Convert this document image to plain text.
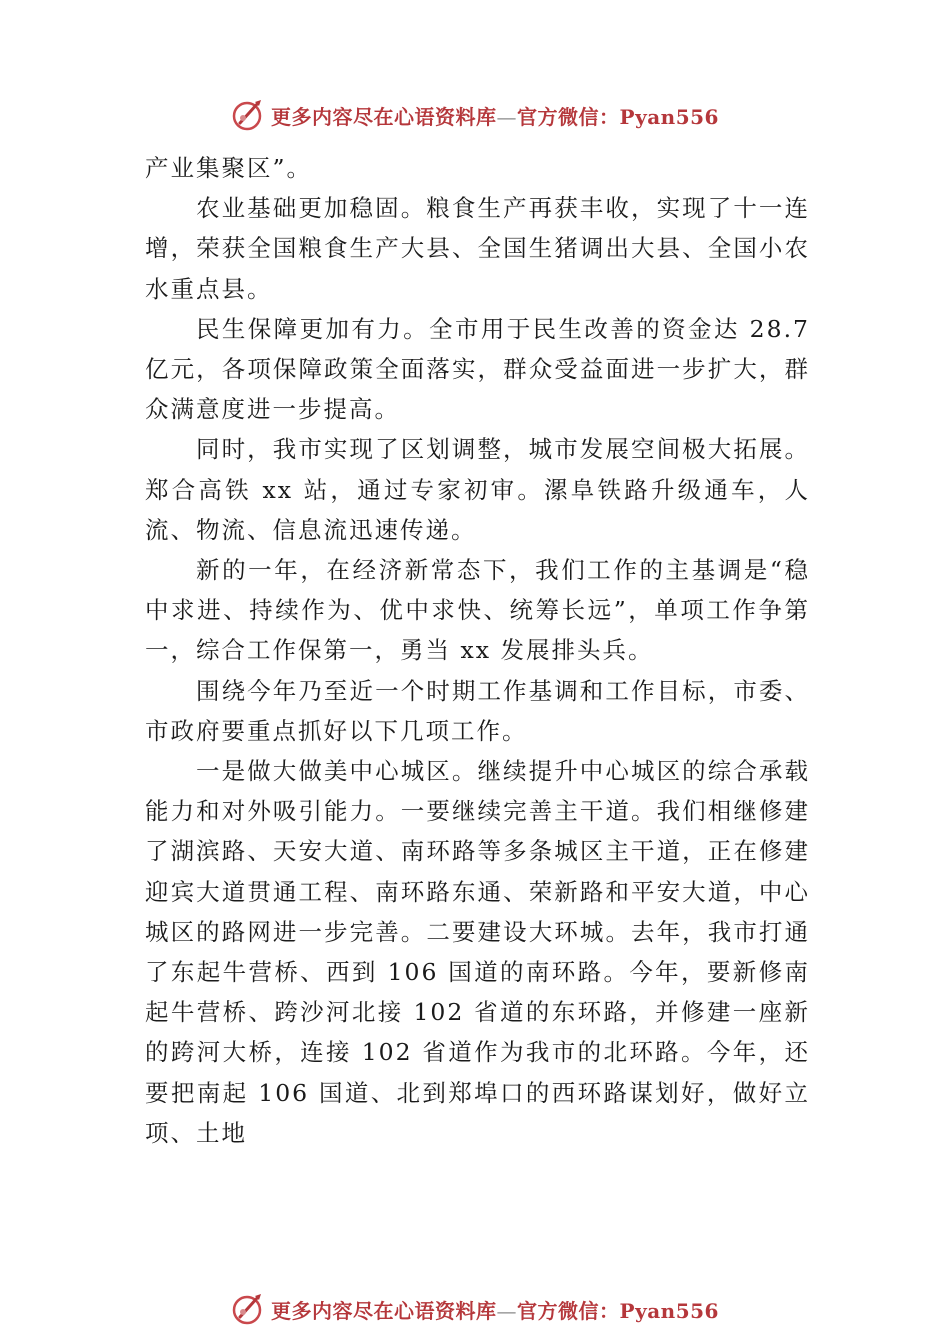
更多内容尽在心语资料库—官方微信：Pyan556

产业集聚区”。

农业基础更加稳固。粮食生产再获丰收，实现了十一连增，荣获全国粮食生产大县、全国生猪调出大县、全国小农水重点县。

民生保障更加有力。全市用于民生改善的资金达 28.7 亿元，各项保障政策全面落实，群众受益面进一步扩大，群众满意度进一步提高。

同时，我市实现了区划调整，城市发展空间极大拓展。郑合高铁 xx 站，通过专家初审。漯阜铁路升级通车，人流、物流、信息流迅速传递。

新的一年，在经济新常态下，我们工作的主基调是“稳中求进、持续作为、优中求快、统筹长远”，单项工作争第一，综合工作保第一，勇当 xx 发展排头兵。

围绕今年乃至近一个时期工作基调和工作目标，市委、市政府要重点抓好以下几项工作。

一是做大做美中心城区。继续提升中心城区的综合承载能力和对外吸引能力。一要继续完善主干道。我们相继修建了湖滨路、天安大道、南环路等多条城区主干道，正在修建迎宾大道贯通工程、南环路东通、荣新路和平安大道，中心城区的路网进一步完善。二要建设大环城。去年，我市打通了东起牛营桥、西到 106 国道的南环路。今年，要新修南起牛营桥、跨沙河北接 102 省道的东环路，并修建一座新的跨河大桥，连接 102 省道作为我市的北环路。今年，还要把南起 106 国道、北到郑埠口的西环路谋划好，做好立项、土地

更多内容尽在心语资料库—官方微信：Pyan556
